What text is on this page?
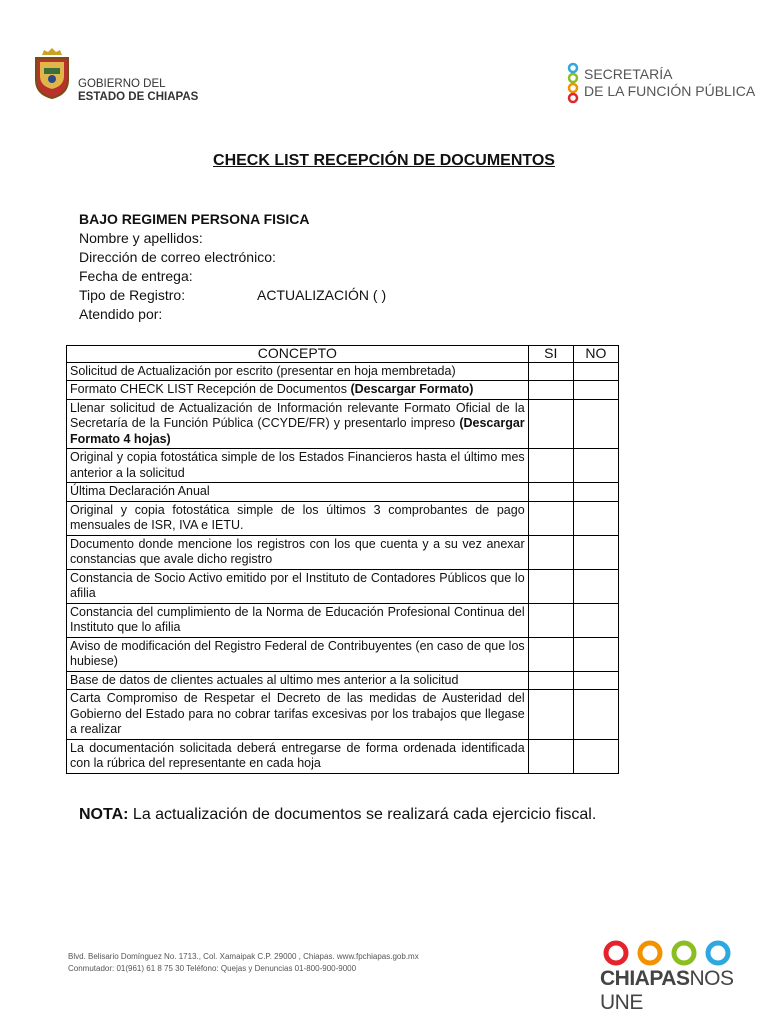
GOBIERNO DEL
ESTADO DE CHIAPAS
SECRETARÍA
DE LA FUNCIÓN PÚBLICA
CHECK LIST RECEPCIÓN DE DOCUMENTOS
BAJO REGIMEN PERSONA FISICA
Nombre y apellidos:
Dirección de correo electrónico:
Fecha de entrega:
Tipo de Registro:	ACTUALIZACIÓN ( )
Atendido por:
CONCEPTO	SI	NO
Solicitud de Actualización por escrito (presentar en hoja membretada)		
Formato CHECK LIST Recepción de Documentos (Descargar Formato)		
Llenar solicitud de Actualización de Información relevante Formato Oficial de la Secretaría de la Función Pública (CCYDE/FR) y presentarlo impreso (Descargar Formato 4 hojas)		
Original y copia fotostática simple de los Estados Financieros hasta el último mes anterior a la solicitud		
Última Declaración Anual		
Original y copia fotostática simple de los últimos 3 comprobantes de pago mensuales de ISR, IVA e IETU.		
Documento donde mencione los registros con los que cuenta y a su vez anexar constancias que avale dicho registro		
Constancia de Socio Activo emitido por el Instituto de Contadores Públicos que lo afilia		
Constancia del cumplimiento de la Norma de Educación Profesional Continua del Instituto que lo afilia		
Aviso de modificación del Registro Federal de Contribuyentes (en caso de que los hubiese)		
Base de datos de clientes actuales al ultimo mes anterior a la solicitud		
Carta Compromiso de Respetar el Decreto de las medidas de Austeridad del Gobierno del Estado para no cobrar tarifas excesivas por los trabajos que llegase a realizar		
La documentación solicitada deberá entregarse de forma ordenada identificada con la rúbrica del representante en cada hoja		
NOTA: La actualización de documentos se realizará cada ejercicio fiscal.
Blvd. Belisario Domínguez No. 1713., Col. Xamaipak C.P. 29000 , Chiapas. www.fpchiapas.gob.mx
Conmutador: 01(961) 61 8 75 30 Teléfono: Quejas y Denuncias 01-800-900-9000	CHIAPASNOS UNE
